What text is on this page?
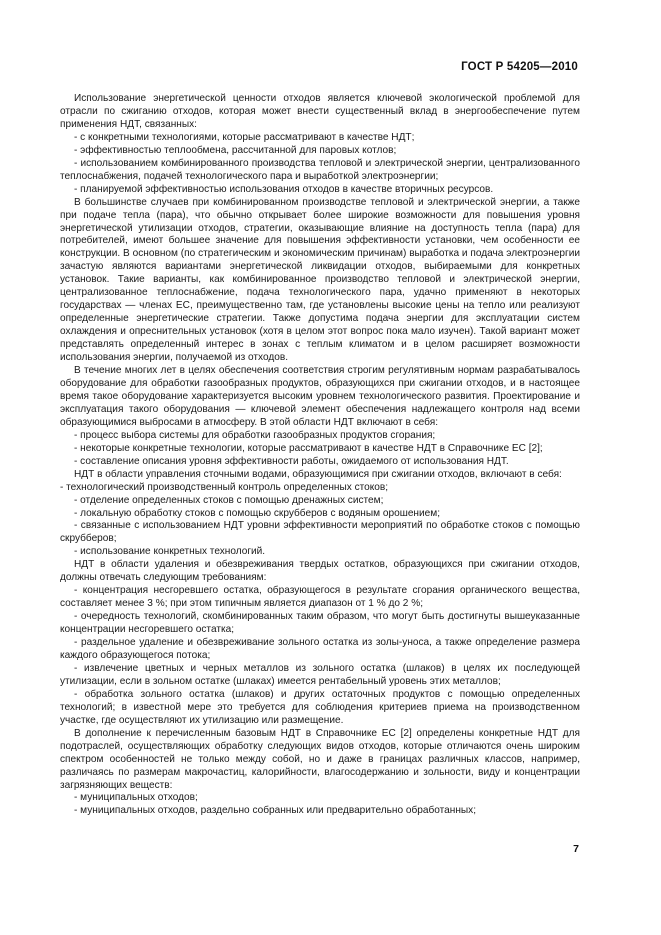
ГОСТ Р 54205—2010

Использование энергетической ценности отходов является ключевой экологической проблемой для отрасли по сжиганию отходов, которая может внести существенный вклад в энергообеспечение путем применения НДТ, связанных:

- с конкретными технологиями, которые рассматривают в качестве НДТ;

- эффективностью теплообмена, рассчитанной для паровых котлов;

- использованием комбинированного производства тепловой и электрической энергии, централизованного теплоснабжения, подачей технологического пара и выработкой электроэнергии;

- планируемой эффективностью использования отходов в качестве вторичных ресурсов.

В большинстве случаев при комбинированном производстве тепловой и электрической энергии, а также при подаче тепла (пара), что обычно открывает более широкие возможности для повышения уровня энергетической утилизации отходов, стратегии, оказывающие влияние на доступность тепла (пара) для потребителей, имеют большее значение для повышения эффективности установки, чем особенности ее конструкции. В основном (по стратегическим и экономическим причинам) выработка и подача электроэнергии зачастую являются вариантами энергетической ликвидации отходов, выбираемыми для конкретных установок. Такие варианты, как комбинированное производство тепловой и электрической энергии, централизованное теплоснабжение, подача технологического пара, удачно применяют в некоторых государствах — членах ЕС, преимущественно там, где установлены высокие цены на тепло или реализуют определенные энергетические стратегии. Также допустима подача энергии для эксплуатации систем охлаждения и опреснительных установок (хотя в целом этот вопрос пока мало изучен). Такой вариант может представлять определенный интерес в зонах с теплым климатом и в целом расширяет возможности использования энергии, получаемой из отходов.

В течение многих лет в целях обеспечения соответствия строгим регулятивным нормам разрабатывалось оборудование для обработки газообразных продуктов, образующихся при сжигании отходов, и в настоящее время такое оборудование характеризуется высоким уровнем технологического развития. Проектирование и эксплуатация такого оборудования — ключевой элемент обеспечения надлежащего контроля над всеми образующимися выбросами в атмосферу. В этой области НДТ включают в себя:

- процесс выбора системы для обработки газообразных продуктов сгорания;

- некоторые конкретные технологии, которые рассматривают в качестве НДТ в Справочнике ЕС [2];

- составление описания уровня эффективности работы, ожидаемого от использования НДТ.

НДТ в области управления сточными водами, образующимися при сжигании отходов, включают в себя:

- технологический производственный контроль определенных стоков;

- отделение определенных стоков с помощью дренажных систем;

- локальную обработку стоков с помощью скрубберов с водяным орошением;

- связанные с использованием НДТ уровни эффективности мероприятий по обработке стоков с помощью скрубберов;

- использование конкретных технологий.

НДТ в области удаления и обезвреживания твердых остатков, образующихся при сжигании отходов, должны отвечать следующим требованиям:

- концентрация несгоревшего остатка, образующегося в результате сгорания органического вещества, составляет менее 3 %; при этом типичным является диапазон от 1 % до 2 %;

- очередность технологий, скомбинированных таким образом, что могут быть достигнуты вышеуказанные концентрации несгоревшего остатка;

- раздельное удаление и обезвреживание зольного остатка из золы-уноса, а также определение размера каждого образующегося потока;

- извлечение цветных и черных металлов из зольного остатка (шлаков) в целях их последующей утилизации, если в зольном остатке (шлаках) имеется рентабельный уровень этих металлов;

- обработка зольного остатка (шлаков) и других остаточных продуктов с помощью определенных технологий; в известной мере это требуется для соблюдения критериев приема на производственном участке, где осуществляют их утилизацию или размещение.

В дополнение к перечисленным базовым НДТ в Справочнике ЕС [2] определены конкретные НДТ для подотраслей, осуществляющих обработку следующих видов отходов, которые отличаются очень широким спектром особенностей не только между собой, но и даже в границах различных классов, например, различаясь по размерам макрочастиц, калорийности, влагосодержанию и зольности, виду и концентрации загрязняющих веществ:

- муниципальных отходов;

- муниципальных отходов, раздельно собранных или предварительно обработанных;

7
